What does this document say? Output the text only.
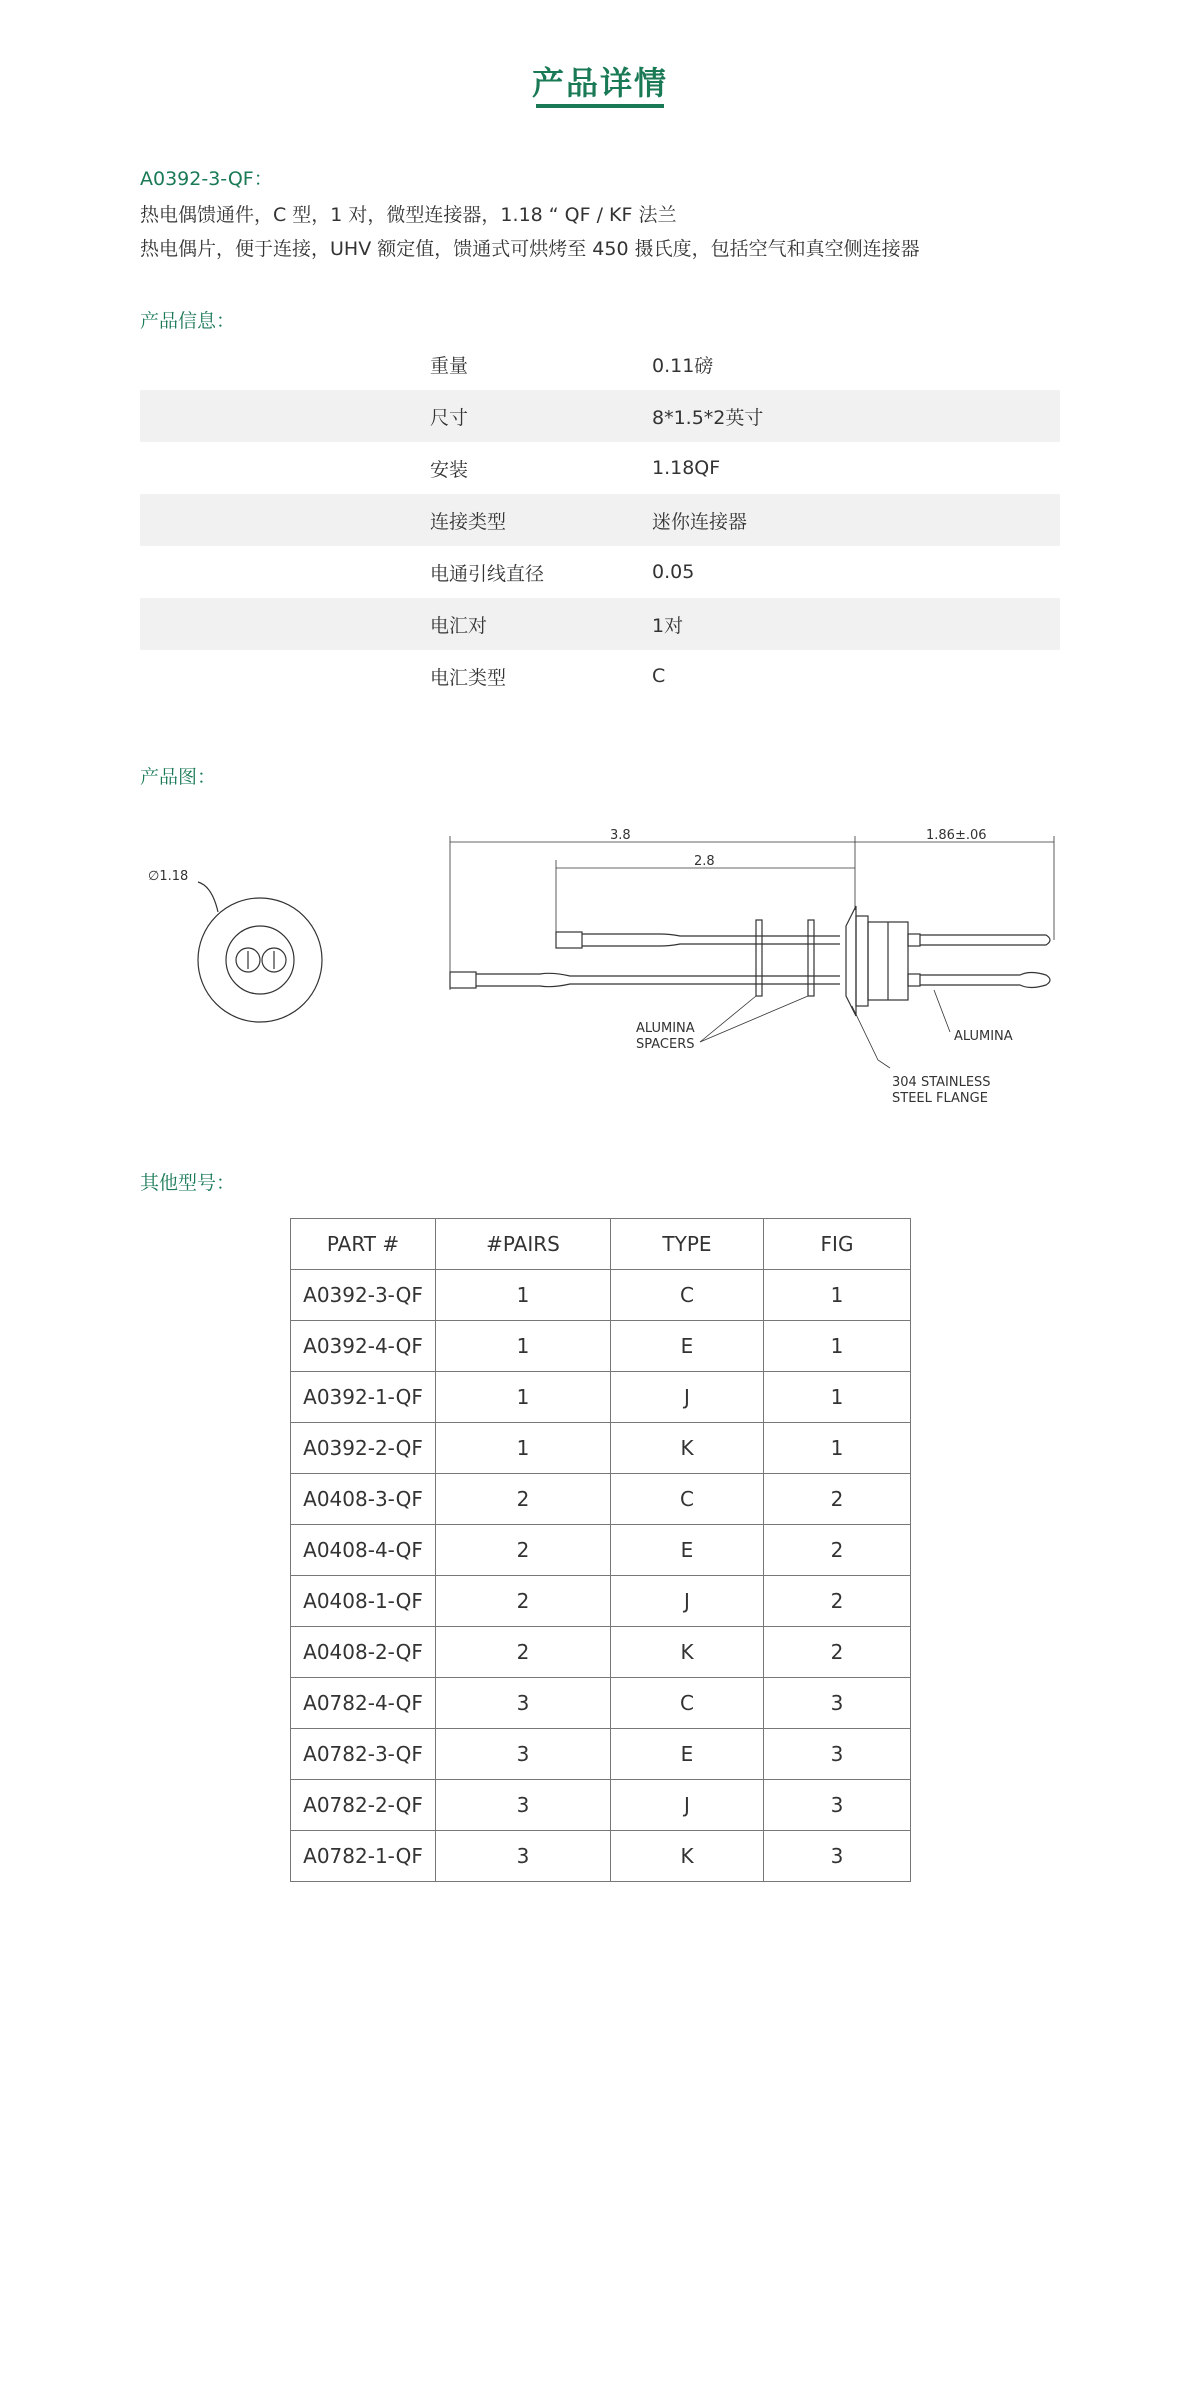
产品详情
A0392-3-QF：
热电偶馈通件，C 型，1 对，微型连接器，1.18 “ QF / KF 法兰
热电偶片，便于连接，UHV 额定值，馈通式可烘烤至 450 摄氏度，包括空气和真空侧连接器
产品信息：
重量	0.11磅
尺寸	8*1.5*2英寸
安装	1.18QF
连接类型	迷你连接器
电通引线直径	0.05
电汇对	1对
电汇类型	C
产品图：
∅1.18
3.8
2.8
1.86±.06
ALUMINA
SPACERS
ALUMINA
304 STAINLESS
STEEL FLANGE
其他型号：
PART #	#PAIRS	TYPE	FIG
A0392-3-QF	1	C	1
A0392-4-QF	1	E	1
A0392-1-QF	1	J	1
A0392-2-QF	1	K	1
A0408-3-QF	2	C	2
A0408-4-QF	2	E	2
A0408-1-QF	2	J	2
A0408-2-QF	2	K	2
A0782-4-QF	3	C	3
A0782-3-QF	3	E	3
A0782-2-QF	3	J	3
A0782-1-QF	3	K	3
